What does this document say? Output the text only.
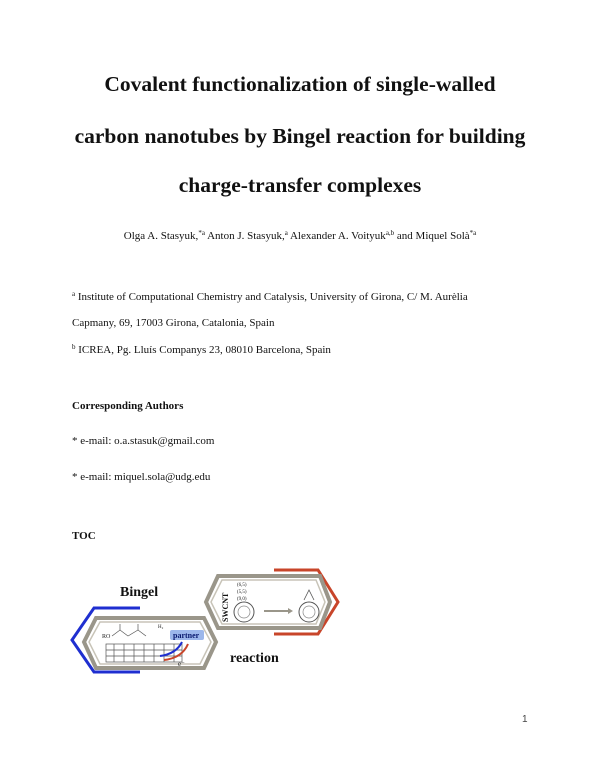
Covalent functionalization of single-walled
carbon nanotubes by Bingel reaction for building
charge-transfer complexes
Olga A. Stasyuk,$^{*a}$ Anton J. Stasyuk,$^a$ Alexander A. Voityuk$^{a,b}$ and Miquel Solà$^{*a}$
$^a$ Institute of Computational Chemistry and Catalysis, University of Girona, C/ M. Aurèlia
Capmany, 69, 17003 Girona, Catalonia, Spain
$^b$ ICREA, Pg. Lluís Companys 23, 08010 Barcelona, Spain
Corresponding Authors
* e-mail: o.a.stasuk@gmail.com
* e-mail: miquel.sola@udg.edu
TOC
RO
H₂
partner
e⁻
Bingel
SWCNT
(6,5)
(5,5)
(9,0)
reaction
1
